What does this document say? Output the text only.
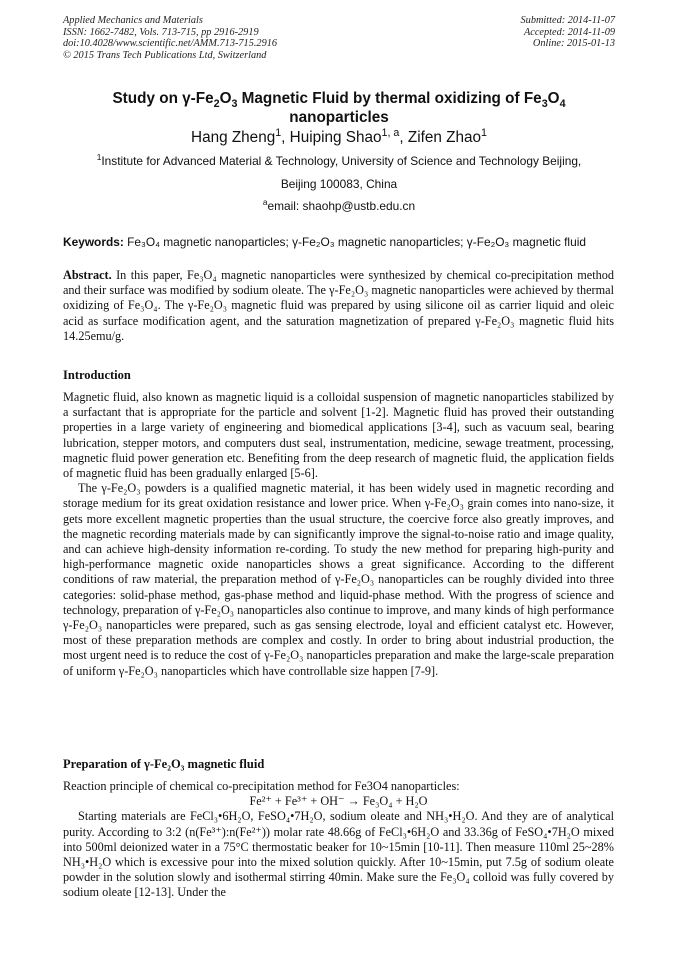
Applied Mechanics and Materials
ISSN: 1662-7482, Vols. 713-715, pp 2916-2919
doi:10.4028/www.scientific.net/AMM.713-715.2916
© 2015 Trans Tech Publications Ltd, Switzerland
Submitted: 2014-11-07
Accepted: 2014-11-09
Online: 2015-01-13
Study on $\gamma-Fe_2O_3$ Magnetic Fluid by thermal oxidizing of $Fe_3O_4$
nanoparticles
Hang Zheng$^1$, Huiping Shao$^{1, a}$, Zifen Zhao$^1$
$^1$Institute for Advanced Material & Technology, University of Science and Technology Beijing,
Beijing 100083, China
$^a$email: shaohp@ustb.edu.cn
Keywords: Fe₃O₄ magnetic nanoparticles; γ-Fe₂O₃ magnetic nanoparticles; γ-Fe₂O₃ magnetic fluid

Abstract. In this paper, Fe₃O₄ magnetic nanoparticles were synthesized by chemical co-precipitation method and their surface was modified by sodium oleate. The γ-Fe₂O₃ magnetic nanoparticles were achieved by thermal oxidizing of Fe₃O₄. The γ-Fe₂O₃ magnetic fluid was prepared by using silicone oil as carrier liquid and oleic acid as surface modification agent, and the saturation magnetization of prepared γ-Fe₂O₃ magnetic fluid hits 14.25emu/g.

Introduction

Magnetic fluid, also known as magnetic liquid is a colloidal suspension of magnetic nanoparticles stabilized by a surfactant that is appropriate for the particle and solvent [1-2]. Magnetic fluid has proved their outstanding properties in a large variety of engineering and biomedical applications [3-4], such as vacuum seal, bearing lubrication, stepper motors, and computers dust seal, instrumentation, medicine, sewage treatment, processing, magnetic fluid power generation etc. Benefiting from the deep research of magnetic fluid, the application fields of magnetic fluid has been gradually enlarged [5-6].

The γ-Fe₂O₃ powders is a qualified magnetic material, it has been widely used in magnetic recording and storage medium for its great oxidation resistance and lower price. When γ-Fe₂O₃ grain comes into nano-size, it gets more excellent magnetic properties than the usual structure, the coercive force also greatly improves, and the magnetic recording materials made by can significantly improve the signal-to-noise ratio and image quality, and can achieve high-density information re-cording. To study the new method for preparing high-purity and high-performance magnetic oxide nanoparticles shows a great significance. According to the different conditions of raw material, the preparation method of γ-Fe₂O₃ nanoparticles can be roughly divided into three categories: solid-phase method, gas-phase method and liquid-phase method. With the progress of science and technology, preparation of γ-Fe₂O₃ nanoparticles also continue to improve, and many kinds of high performance γ-Fe₂O₃ nanoparticles were prepared, such as gas sensing electrode, loyal and efficient catalyst etc. However, most of these preparation methods are complex and costly. In order to bring about industrial production, the most urgent need is to reduce the cost of γ-Fe₂O₃ nanoparticles preparation and make the large-scale preparation of uniform γ-Fe₂O₃ nanoparticles which have controllable size happen [7-9].

Preparation of γ-Fe₂O₃ magnetic fluid

Reaction principle of chemical co-precipitation method for Fe3O4 nanoparticles:

Fe²⁺ + Fe³⁺ + OH⁻ → Fe₃O₄ + H₂O

Starting materials are FeCl₃•6H₂O, FeSO₄•7H₂O, sodium oleate and NH₃•H₂O. And they are of analytical purity. According to 3:2 (n(Fe³⁺):n(Fe²⁺)) molar rate 48.66g of FeCl₃•6H₂O and 33.36g of FeSO₄•7H₂O mixed into 500ml deionized water in a 75°C thermostatic beaker for 10~15min [10-11]. Then measure 110ml 25~28% NH₃•H₂O which is excessive pour into the mixed solution quickly. After 10~15min, put 7.5g of sodium oleate powder in the solution slowly and isothermal stirring 40min. Make sure the Fe₃O₄ colloid was fully covered by sodium oleate [12-13]. Under the
